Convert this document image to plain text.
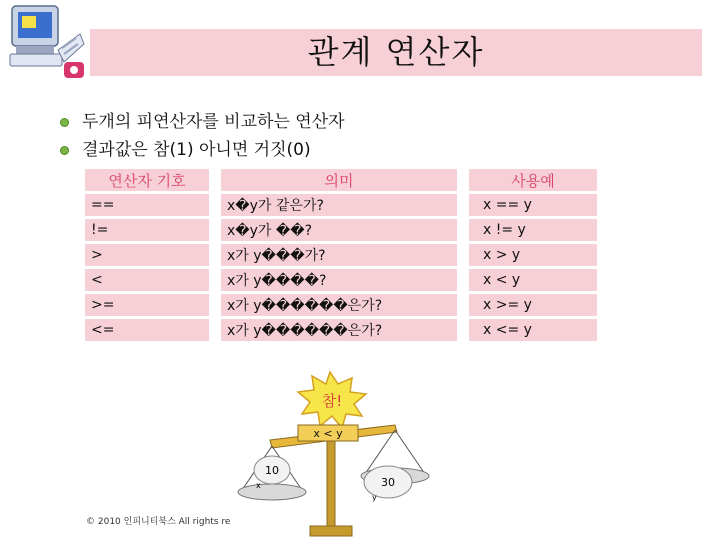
관계 연산자
두개의 피연산자를 비교하는 연산자
결과값은 참(1) 아니면 거짓(0)
연산자 기호		의미		사용예
==		x�y가 같은가?		x == y
!=		x�y가 ��?		x != y
>		x가 y���가?		x > y
<		x가 y����?		x < y
>=		x가 y������은가?		x >= y
<=		x가 y������은가?		x <= y
참!
x < y
10
x	30
y
© 2010 인피니티북스 All rights re
